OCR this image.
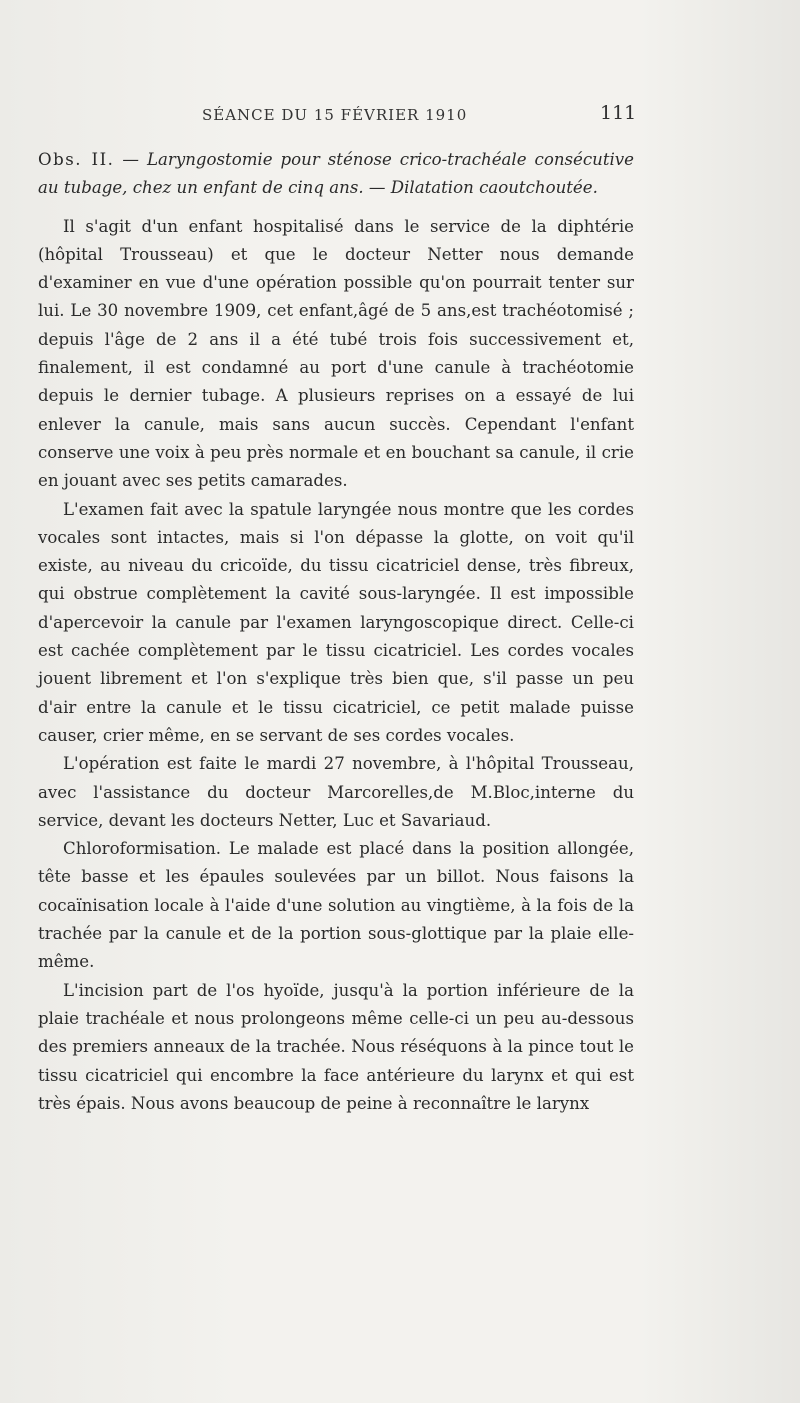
SÉANCE DU 15 FÉVRIER 1910	111

Obs. II. — Laryngostomie pour sténose crico-trachéale consécutive au tubage, chez un enfant de cinq ans. — Dilatation caoutchoutée.

Il s'agit d'un enfant hospitalisé dans le service de la diphtérie (hôpital Trousseau) et que le docteur Netter nous demande d'examiner en vue d'une opération possible qu'on pourrait tenter sur lui. Le 30 novembre 1909, cet enfant,âgé de 5 ans,est trachéotomisé ; depuis l'âge de 2 ans il a été tubé trois fois successivement et, finalement, il est condamné au port d'une canule à trachéotomie depuis le dernier tubage. A plusieurs reprises on a essayé de lui enlever la canule, mais sans aucun succès. Cependant l'enfant conserve une voix à peu près normale et en bouchant sa canule, il crie en jouant avec ses petits camarades.

L'examen fait avec la spatule laryngée nous montre que les cordes vocales sont intactes, mais si l'on dépasse la glotte, on voit qu'il existe, au niveau du cricoïde, du tissu cicatriciel dense, très fibreux, qui obstrue complètement la cavité sous-laryngée. Il est impossible d'apercevoir la canule par l'examen laryngoscopique direct. Celle-ci est cachée complètement par le tissu cicatriciel. Les cordes vocales jouent librement et l'on s'explique très bien que, s'il passe un peu d'air entre la canule et le tissu cicatriciel, ce petit malade puisse causer, crier même, en se servant de ses cordes vocales.

L'opération est faite le mardi 27 novembre, à l'hôpital Trousseau, avec l'assistance du docteur Marcorelles,de M.Bloc,interne du service, devant les docteurs Netter, Luc et Savariaud.

Chloroformisation. Le malade est placé dans la position allongée, tête basse et les épaules soulevées par un billot. Nous faisons la cocaïnisation locale à l'aide d'une solution au vingtième, à la fois de la trachée par la canule et de la portion sous-glottique par la plaie elle-même.

L'incision part de l'os hyoïde, jusqu'à la portion inférieure de la plaie trachéale et nous prolongeons même celle-ci un peu au-dessous des premiers anneaux de la trachée. Nous réséquons à la pince tout le tissu cicatriciel qui encombre la face antérieure du larynx et qui est très épais. Nous avons beaucoup de peine à reconnaître le larynx
